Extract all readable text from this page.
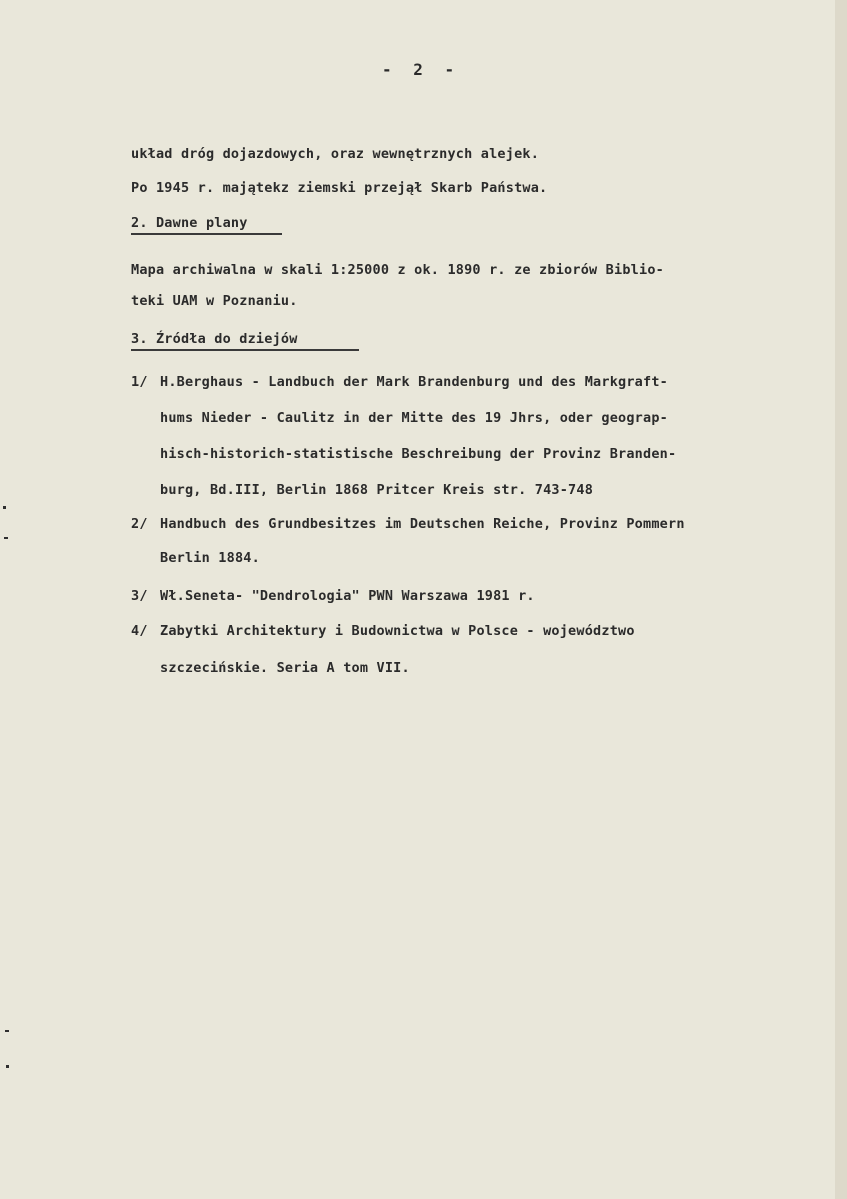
- 2 -
układ dróg dojazdowych, oraz wewnętrznych alejek.
Po 1945 r. majątekz ziemski przejął Skarb Państwa.
2. Dawne plany
Mapa archiwalna w skali 1:25000 z ok. 1890 r. ze zbiorów Biblio-
teki UAM w Poznaniu.
3. Źródła do dziejów
1/ H.Berghaus - Landbuch der Mark Brandenburg und des Markgraft-
hums Nieder - Caulitz in der Mitte des 19 Jhrs, oder geograp-
hisch-historich-statistische Beschreibung der Provinz Branden-
burg, Bd.III, Berlin 1868 Pritcer Kreis str. 743-748
2/ Handbuch des Grundbesitzes im Deutschen Reiche, Provinz Pommern
Berlin 1884.
3/ Wł.Seneta- "Dendrologia" PWN Warszawa 1981 r.
4/ Zabytki Architektury i Budownictwa w Polsce - województwo
szczecińskie. Seria A tom VII.
